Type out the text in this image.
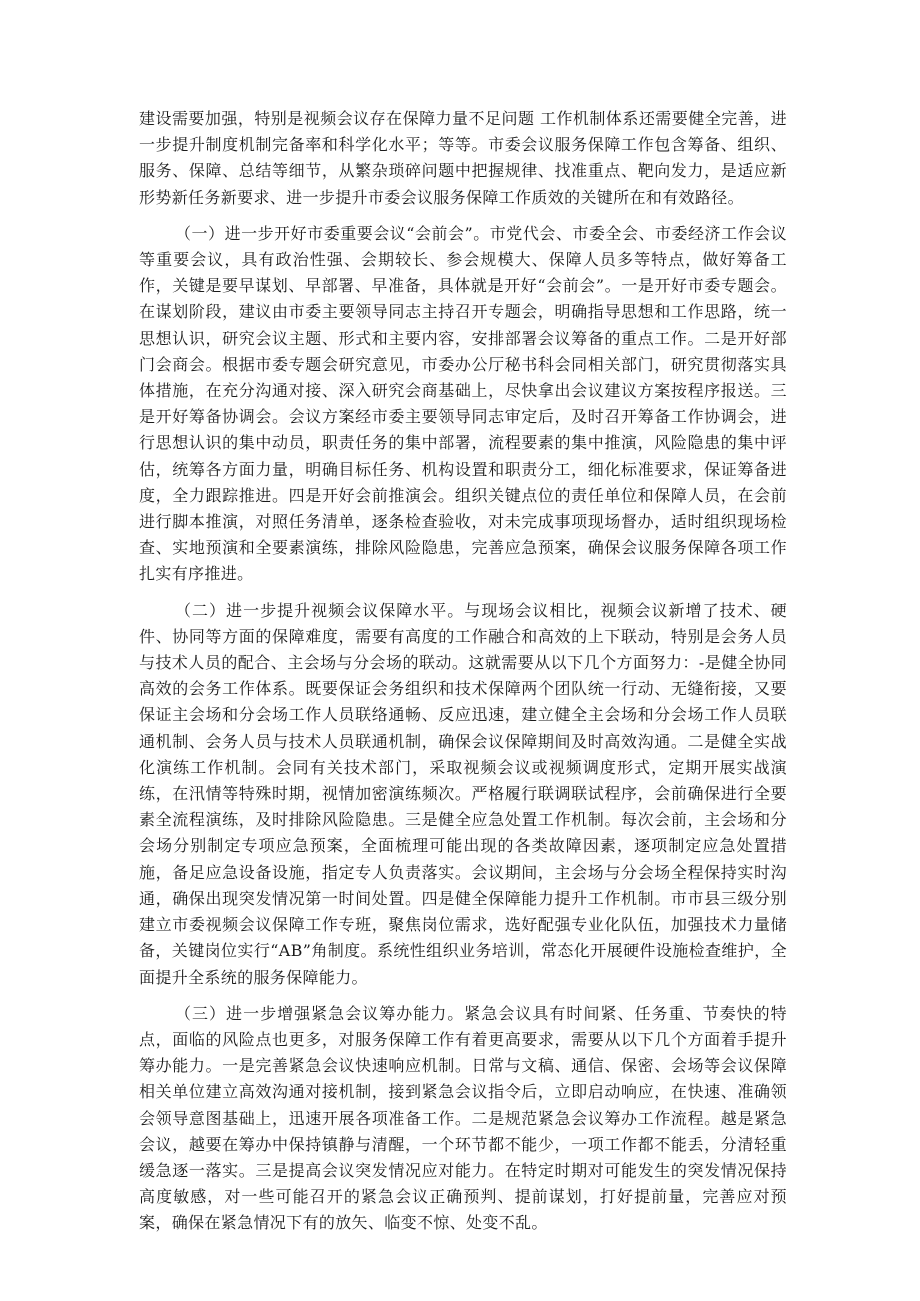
建设需要加强，特别是视频会议存在保障力量不足问题 工作机制体系还需要健全完善，进一步提升制度机制完备率和科学化水平；等等。市委会议服务保障工作包含筹备、组织、服务、保障、总结等细节，从繁杂琐碎问题中把握规律、找准重点、靶向发力，是适应新形势新任务新要求、进一步提升市委会议服务保障工作质效的关键所在和有效路径。

（一）进一步开好市委重要会议“会前会”。市党代会、市委全会、市委经济工作会议等重要会议，具有政治性强、会期较长、参会规模大、保障人员多等特点，做好筹备工作，关键是要早谋划、早部署、早准备，具体就是开好“会前会”。一是开好市委专题会。在谋划阶段，建议由市委主要领导同志主持召开专题会，明确指导思想和工作思路，统一思想认识，研究会议主题、形式和主要内容，安排部署会议筹备的重点工作。二是开好部门会商会。根据市委专题会研究意见，市委办公厅秘书科会同相关部门，研究贯彻落实具体措施，在充分沟通对接、深入研究会商基础上，尽快拿出会议建议方案按程序报送。三是开好筹备协调会。会议方案经市委主要领导同志审定后，及时召开筹备工作协调会，进行思想认识的集中动员，职责任务的集中部署，流程要素的集中推演，风险隐患的集中评估，统筹各方面力量，明确目标任务、机构设置和职责分工，细化标准要求，保证筹备进度，全力跟踪推进。四是开好会前推演会。组织关键点位的责任单位和保障人员，在会前进行脚本推演，对照任务清单，逐条检查验收，对未完成事项现场督办，适时组织现场检查、实地预演和全要素演练，排除风险隐患，完善应急预案，确保会议服务保障各项工作扎实有序推进。

（二）进一步提升视频会议保障水平。与现场会议相比，视频会议新增了技术、硬件、协同等方面的保障难度，需要有高度的工作融合和高效的上下联动，特别是会务人员与技术人员的配合、主会场与分会场的联动。这就需要从以下几个方面努力：-是健全协同高效的会务工作体系。既要保证会务组织和技术保障两个团队统一行动、无缝衔接，又要保证主会场和分会场工作人员联络通畅、反应迅速，建立健全主会场和分会场工作人员联通机制、会务人员与技术人员联通机制，确保会议保障期间及时高效沟通。二是健全实战化演练工作机制。会同有关技术部门，采取视频会议或视频调度形式，定期开展实战演练，在汛情等特殊时期，视情加密演练频次。严格履行联调联试程序，会前确保进行全要素全流程演练，及时排除风险隐患。三是健全应急处置工作机制。每次会前，主会场和分会场分别制定专项应急预案，全面梳理可能出现的各类故障因素，逐项制定应急处置措施，备足应急设备设施，指定专人负责落实。会议期间，主会场与分会场全程保持实时沟通，确保出现突发情况第一时间处置。四是健全保障能力提升工作机制。市市县三级分别建立市委视频会议保障工作专班，聚焦岗位需求，选好配强专业化队伍，加强技术力量储备，关键岗位实行“AB”角制度。系统性组织业务培训，常态化开展硬件设施检查维护，全面提升全系统的服务保障能力。

（三）进一步增强紧急会议筹办能力。紧急会议具有时间紧、任务重、节奏快的特点，面临的风险点也更多，对服务保障工作有着更高要求，需要从以下几个方面着手提升筹办能力。一是完善紧急会议快速响应机制。日常与文稿、通信、保密、会场等会议保障相关单位建立高效沟通对接机制，接到紧急会议指令后，立即启动响应，在快速、准确领会领导意图基础上，迅速开展各项准备工作。二是规范紧急会议筹办工作流程。越是紧急会议，越要在筹办中保持镇静与清醒，一个环节都不能少，一项工作都不能丢，分清轻重缓急逐一落实。三是提高会议突发情况应对能力。在特定时期对可能发生的突发情况保持高度敏感，对一些可能召开的紧急会议正确预判、提前谋划，打好提前量，完善应对预案，确保在紧急情况下有的放矢、临变不惊、处变不乱。
